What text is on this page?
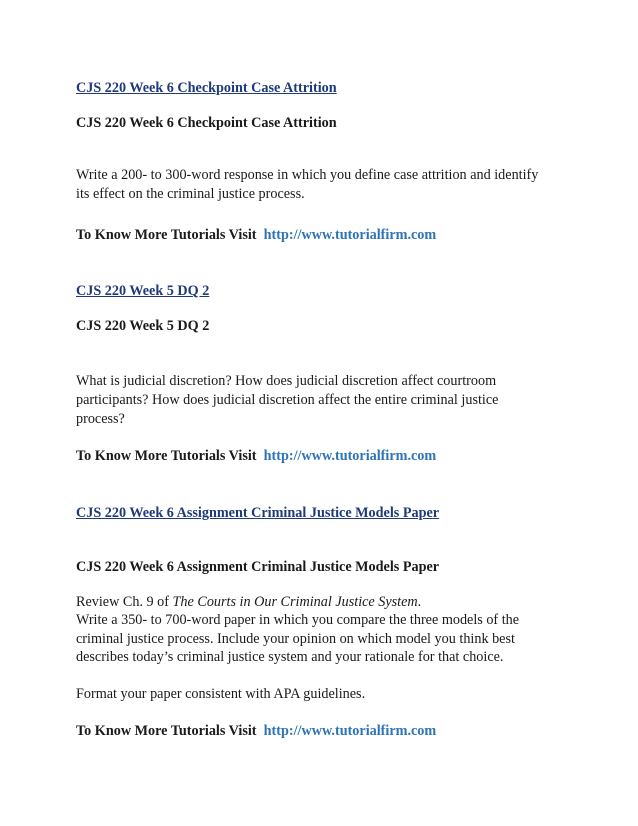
CJS 220 Week 6 Checkpoint Case Attrition
CJS 220 Week 6 Checkpoint Case Attrition
Write a 200- to 300-word response in which you define case attrition and identify
its effect on the criminal justice process.
To Know More Tutorials Visit http://www.tutorialfirm.com
CJS 220 Week 5 DQ 2
CJS 220 Week 5 DQ 2
What is judicial discretion? How does judicial discretion affect courtroom
participants? How does judicial discretion affect the entire criminal justice
process?
To Know More Tutorials Visit http://www.tutorialfirm.com
CJS 220 Week 6 Assignment Criminal Justice Models Paper
CJS 220 Week 6 Assignment Criminal Justice Models Paper
Review Ch. 9 of The Courts in Our Criminal Justice System.
Write a 350- to 700-word paper in which you compare the three models of the
criminal justice process. Include your opinion on which model you think best
describes today’s criminal justice system and your rationale for that choice.
Format your paper consistent with APA guidelines.
To Know More Tutorials Visit http://www.tutorialfirm.com
